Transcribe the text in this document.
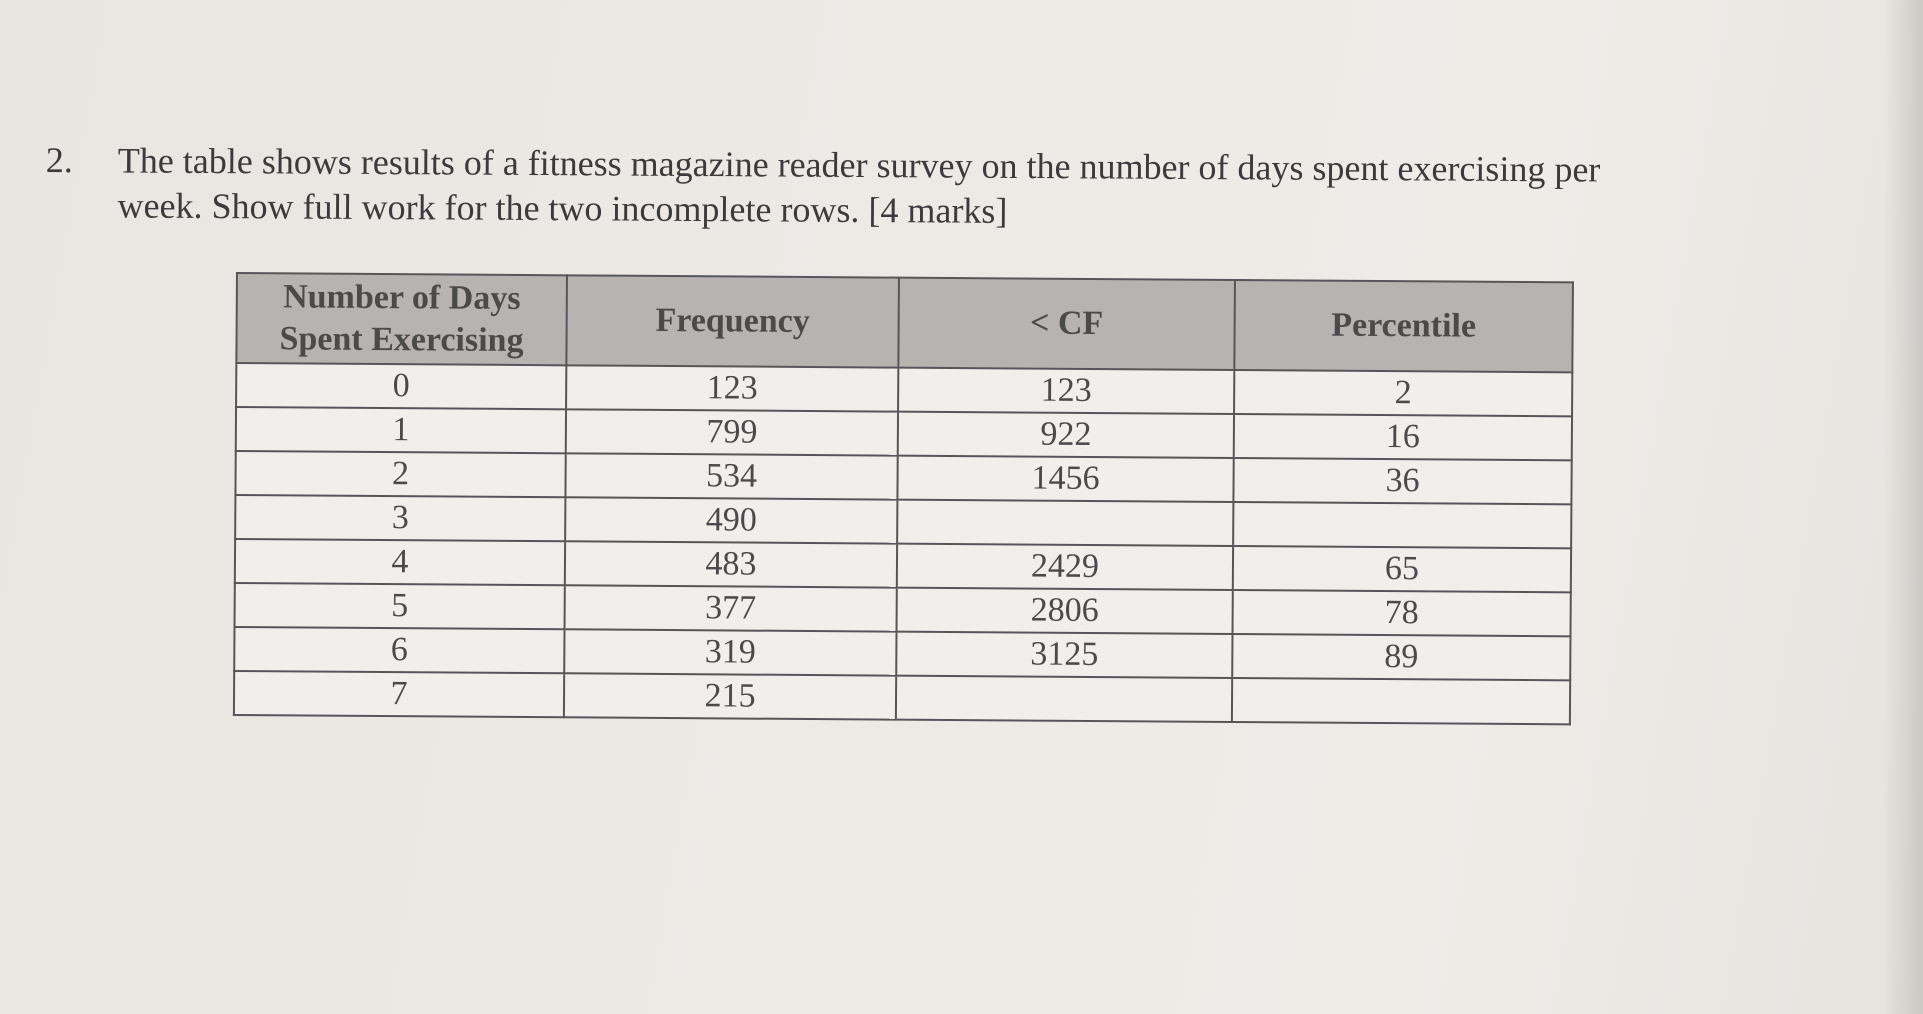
2. The table shows results of a fitness magazine reader survey on the number of days spent exercising per
week. Show full work for the two incomplete rows. [4 marks]
Number of Days
Spent Exercising	Frequency	< CF	Percentile
0	123	123	2
1	799	922	16
2	534	1456	36
3	490		
4	483	2429	65
5	377	2806	78
6	319	3125	89
7	215		
